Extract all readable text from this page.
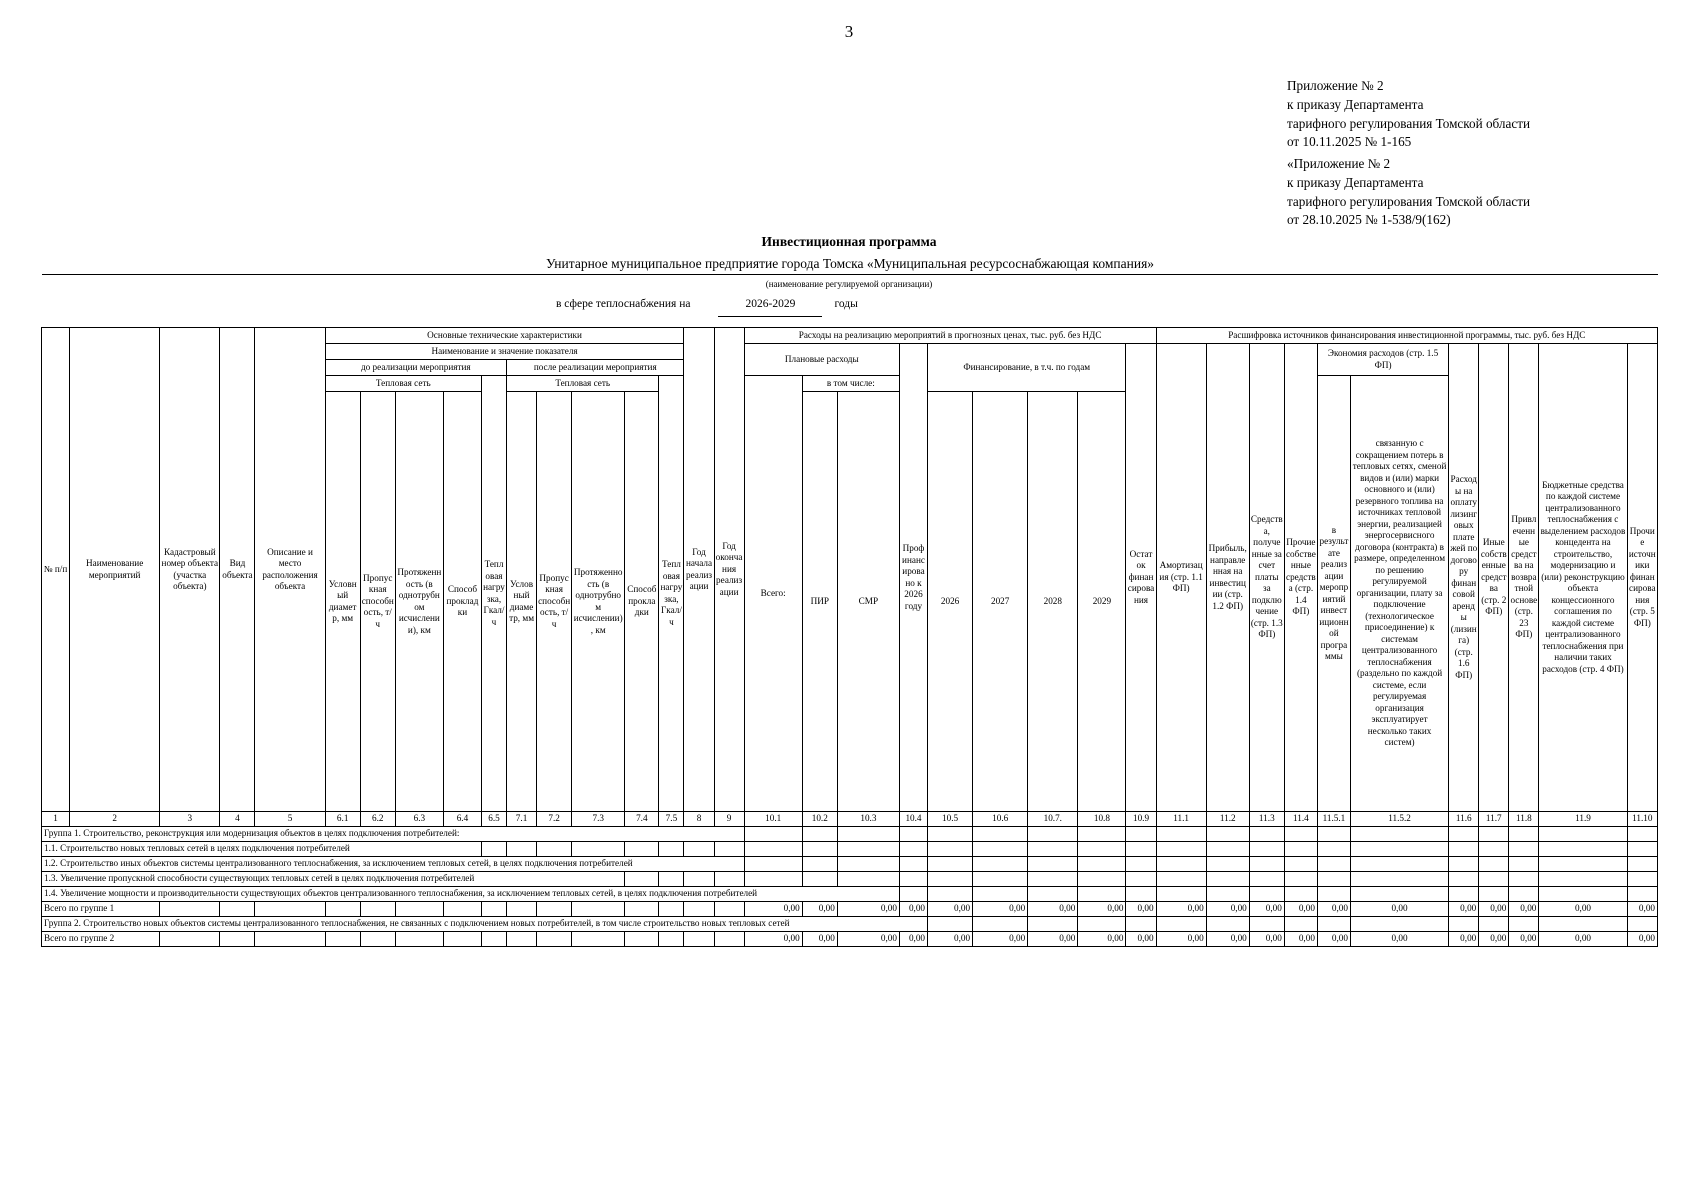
3
Приложение № 2
к приказу Департамента
тарифного регулирования Томской области
от 10.11.2025 № 1-165
«Приложение № 2
к приказу Департамента
тарифного регулирования Томской области
от 28.10.2025 № 1-538/9(162)
Инвестиционная программа
Унитарное муниципальное предприятие города Томска «Муниципальная ресурсоснабжающая компания»
(наименование регулируемой организации)
в сфере теплоснабжения на	2026-2029	годы
№ п/п	Наименование мероприятий	Кадастровый номер объекта (участка объекта)	Вид объекта	Описание и место расположения объекта	Основные технические характеристики										Год начала реализации	Год окончания реализации	Расходы на реализацию мероприятий в прогнозных ценах, тыс. руб. без НДС									Расшифровка источников финансирования инвестиционной программы, тыс. руб. без НДС										
					Наименование и значение показателя												Плановые расходы			Профинансировано к 2026 году	Финансирование, в т.ч. по годам				Остаток финансирования	Амортизация (стр. 1.1 ФП)	Прибыль, направленная на инвестиции (стр. 1.2 ФП)	Средства, полученные за счет платы за подключение (стр. 1.3 ФП)	Прочие собственные средства (стр. 1.4 ФП)	Экономия расходов (стр. 1.5 ФП)		Расходы на оплату лизинговых платежей по договору финансовой аренды (лизинга) (стр. 1.6 ФП)	Иные собственные средства (стр. 2 ФП)	Привлеченные средства на возвратной основе (стр. 23 ФП)	Бюджетные средства по каждой системе централизованного теплоснабжения с выделением расходов концедента на строительство, модернизацию и (или) реконструкцию объекта концессионного соглашения по каждой системе централизованного теплоснабжения при наличии таких расходов (стр. 4 ФП)	Прочие источники финансирования (стр. 5 ФП)
					до реализации мероприятия					после реализации мероприятия																										
					Тепловая сеть				Тепловая нагрузка, Гкал/ч	Тепловая сеть				Тепловая нагрузка, Гкал/ч			Всего:	в том числе:												в результате реализации мероприятий инвестиционной программы	связанную с сокращением потерь в тепловых сетях, сменой видов и (или) марки основного и (или) резервного топлива на источниках тепловой энергии, реализацией энергосервисного договора (контракта) в размере, определенном по решению регулируемой организации, плату за подключение (технологическое присоединение) к системам централизованного теплоснабжения (раздельно по каждой системе, если регулируемая организация эксплуатирует несколько таких систем)					
					Условный диаметр, мм	Пропускная способность, т/ч	Протяженность (в однотрубном исчислении), км	Способ прокладки		Условный диаметр, мм	Пропускная способность, т/ч	Протяженность (в однотрубном исчислении), км	Способ прокладки					ПИР	СМР		2026	2027	2028	2029												
1	2	3	4	5	6.1	6.2	6.3	6.4	6.5	7.1	7.2	7.3	7.4	7.5	8	9	10.1	10.2	10.3	10.4	10.5	10.6	10.7.	10.8	10.9	11.1	11.2	11.3	11.4	11.5.1	11.5.2	11.6	11.7	11.8	11.9	11.10
Группа 1. Строительство, реконструкция или модернизация объектов в целях подключения потребителей:																																				
1.1. Строительство новых тепловых сетей в целях подключения потребителей																																				
1.2. Строительство иных объектов системы централизованного теплоснабжения, за исключением тепловых сетей, в целях подключения потребителей																																				
1.3. Увеличение пропускной способности существующих тепловых сетей в целях подключения потребителей																																				
1.4. Увеличение мощности и производительности существующих объектов централизованного теплоснабжения, за исключением тепловых сетей, в целях подключения потребителей																																				
Всего по группе 1																	0,00	0,00	0,00	0,00	0,00	0,00	0,00	0,00	0,00	0,00	0,00	0,00	0,00	0,00	0,00	0,00	0,00	0,00	0,00	0,00
Группа 2. Строительство новых объектов системы централизованного теплоснабжения, не связанных с подключением новых потребителей, в том числе строительство новых тепловых сетей																																				
Всего по группе 2																	0,00	0,00	0,00	0,00	0,00	0,00	0,00	0,00	0,00	0,00	0,00	0,00	0,00	0,00	0,00	0,00	0,00	0,00	0,00	0,00
